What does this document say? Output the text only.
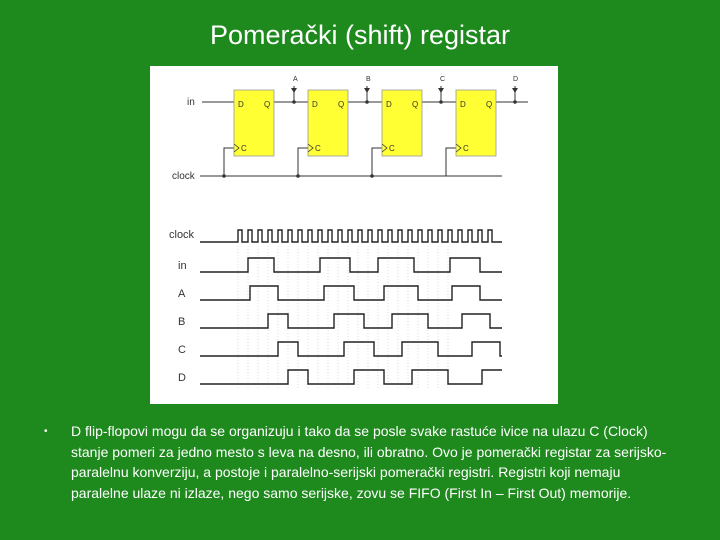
Pomerački (shift) registar
A	B	C	D
in
clock
D	Q
C
D	Q
C
D	Q
C
D	Q
C
clock
in
A
B
C
D
• D flip-flopovi mogu da se organizuju i tako da se posle svake rastuće ivice na ulazu C (Clock) stanje pomeri za jedno mesto s leva na desno, ili obratno. Ovo je pomerački registar za serijsko-paralelnu konverziju, a postoje i paralelno-serijski pomerački registri. Registri koji nemaju paralelne ulaze ni izlaze, nego samo serijske, zovu se FIFO (First In – First Out) memorije.
